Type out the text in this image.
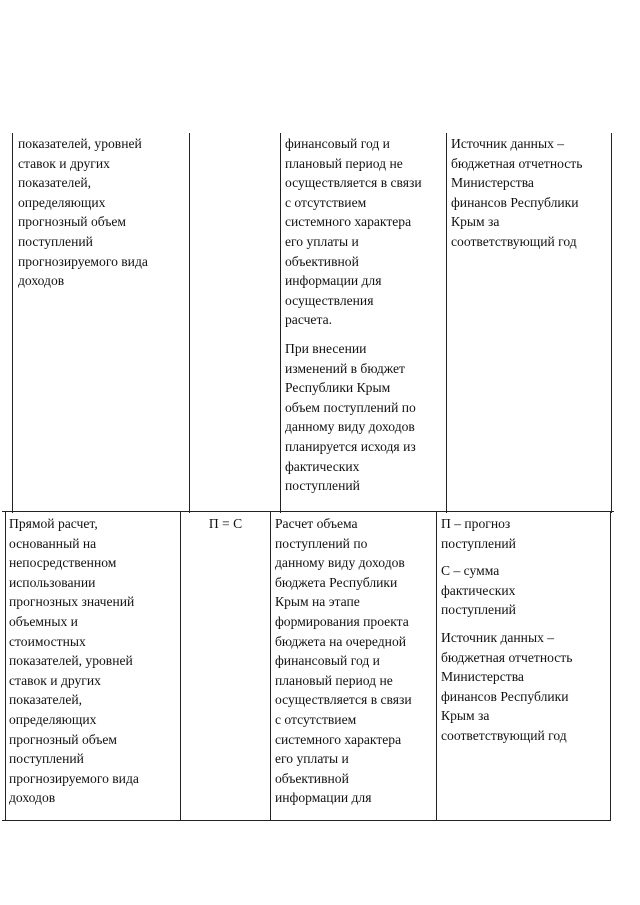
показателей, уровней
ставок и других
показателей,
определяющих
прогнозный объем
поступлений
прогнозируемого вида
доходов

финансовый год и
плановый период не
осуществляется в связи
с отсутствием
системного характера
его уплаты и
объективной
информации для
осуществления
расчета.

При внесении
изменений в бюджет
Республики Крым
объем поступлений по
данному виду доходов
планируется исходя из
фактических
поступлений

Источник данных –
бюджетная отчетность
Министерства
финансов Республики
Крым за
соответствующий год

Прямой расчет,
основанный на
непосредственном
использовании
прогнозных значений
объемных и
стоимостных
показателей, уровней
ставок и других
показателей,
определяющих
прогнозный объем
поступлений
прогнозируемого вида
доходов

П = С	Расчет объема
поступлений по
данному виду доходов
бюджета Республики
Крым на этапе
формирования проекта
бюджета на очередной
финансовый год и
плановый период не
осуществляется в связи
с отсутствием
системного характера
его уплаты и
объективной
информации для

П – прогноз
поступлений

С – сумма
фактических
поступлений

Источник данных –
бюджетная отчетность
Министерства
финансов Республики
Крым за
соответствующий год
